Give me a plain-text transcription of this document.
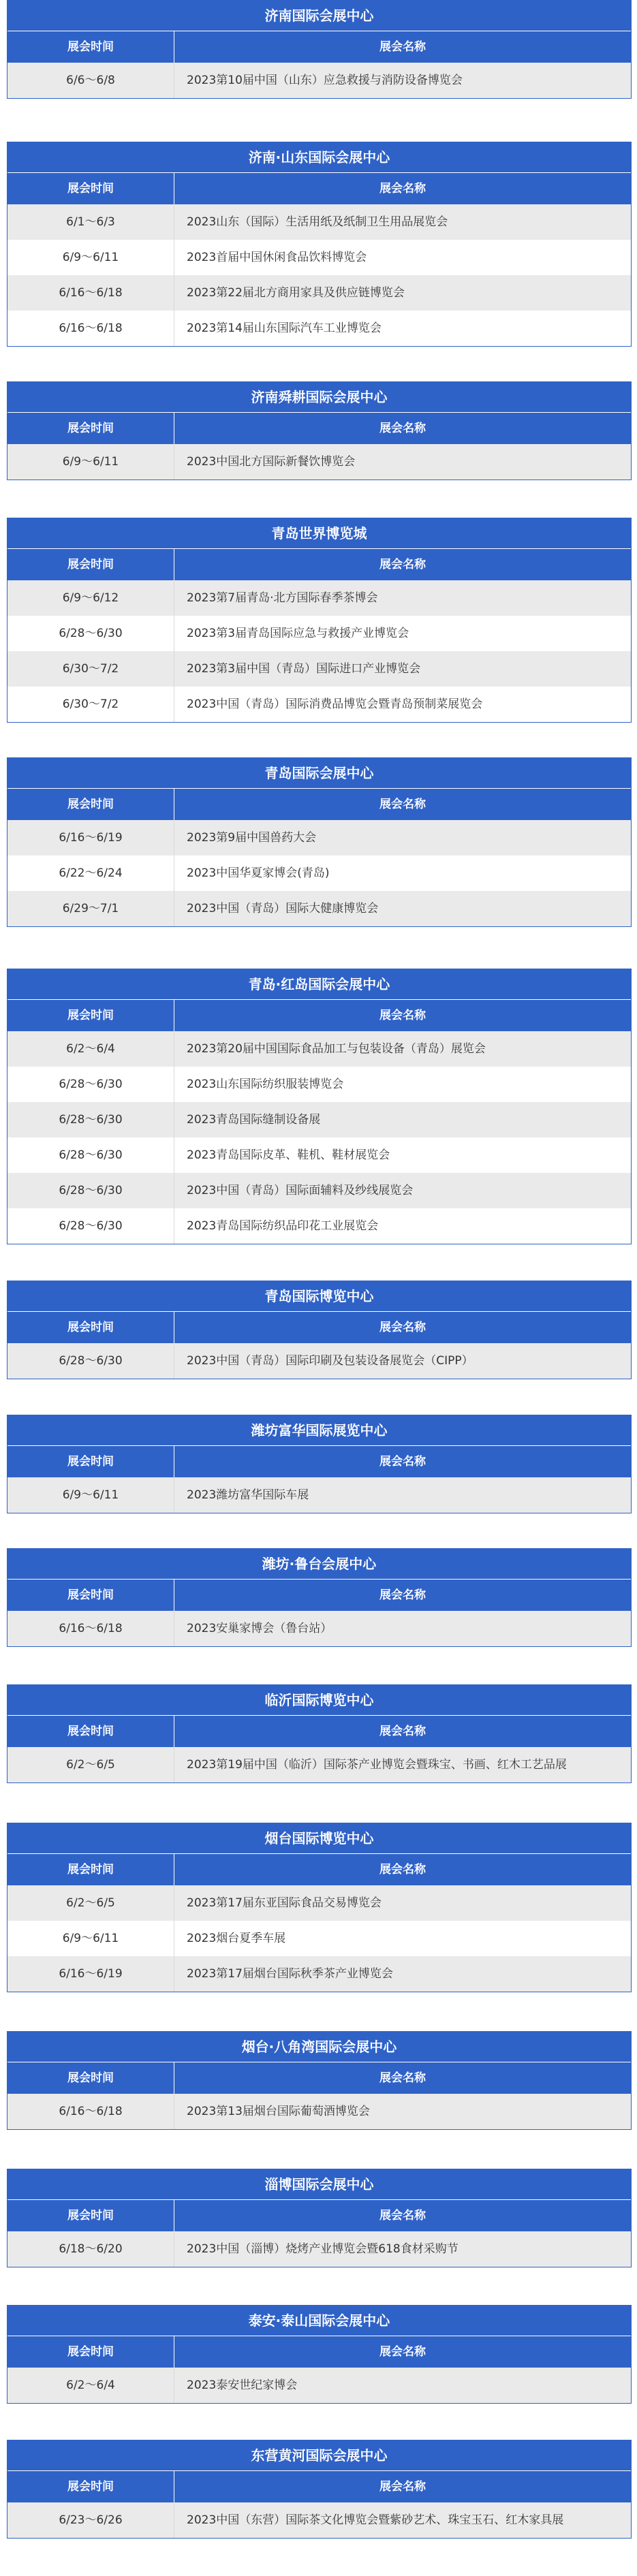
济南国际会展中心
展会时间	展会名称
6/6～6/8	2023第10届中国（山东）应急救援与消防设备博览会
济南·山东国际会展中心
展会时间	展会名称
6/1～6/3	2023山东（国际）生活用纸及纸制卫生用品展览会
6/9～6/11	2023首届中国休闲食品饮料博览会
6/16～6/18	2023第22届北方商用家具及供应链博览会
6/16～6/18	2023第14届山东国际汽车工业博览会
济南舜耕国际会展中心
展会时间	展会名称
6/9～6/11	2023中国北方国际新餐饮博览会
青岛世界博览城
展会时间	展会名称
6/9～6/12	2023第7届青岛·北方国际春季茶博会
6/28～6/30	2023第3届青岛国际应急与救援产业博览会
6/30～7/2	2023第3届中国（青岛）国际进口产业博览会
6/30～7/2	2023中国（青岛）国际消费品博览会暨青岛预制菜展览会
青岛国际会展中心
展会时间	展会名称
6/16～6/19	2023第9届中国兽药大会
6/22～6/24	2023中国华夏家博会(青岛)
6/29～7/1	2023中国（青岛）国际大健康博览会
青岛·红岛国际会展中心
展会时间	展会名称
6/2～6/4	2023第20届中国国际食品加工与包装设备（青岛）展览会
6/28～6/30	2023山东国际纺织服装博览会
6/28～6/30	2023青岛国际缝制设备展
6/28～6/30	2023青岛国际皮革、鞋机、鞋材展览会
6/28～6/30	2023中国（青岛）国际面辅料及纱线展览会
6/28～6/30	2023青岛国际纺织品印花工业展览会
青岛国际博览中心
展会时间	展会名称
6/28～6/30	2023中国（青岛）国际印刷及包装设备展览会（CIPP）
潍坊富华国际展览中心
展会时间	展会名称
6/9～6/11	2023潍坊富华国际车展
潍坊·鲁台会展中心
展会时间	展会名称
6/16～6/18	2023安巢家博会（鲁台站）
临沂国际博览中心
展会时间	展会名称
6/2～6/5	2023第19届中国（临沂）国际茶产业博览会暨珠宝、书画、红木工艺品展
烟台国际博览中心
展会时间	展会名称
6/2～6/5	2023第17届东亚国际食品交易博览会
6/9～6/11	2023烟台夏季车展
6/16～6/19	2023第17届烟台国际秋季茶产业博览会
烟台·八角湾国际会展中心
展会时间	展会名称
6/16～6/18	2023第13届烟台国际葡萄酒博览会
淄博国际会展中心
展会时间	展会名称
6/18～6/20	2023中国（淄博）烧烤产业博览会暨618食材采购节
泰安·泰山国际会展中心
展会时间	展会名称
6/2～6/4	2023泰安世纪家博会
东营黄河国际会展中心
展会时间	展会名称
6/23～6/26	2023中国（东营）国际茶文化博览会暨紫砂艺术、珠宝玉石、红木家具展
